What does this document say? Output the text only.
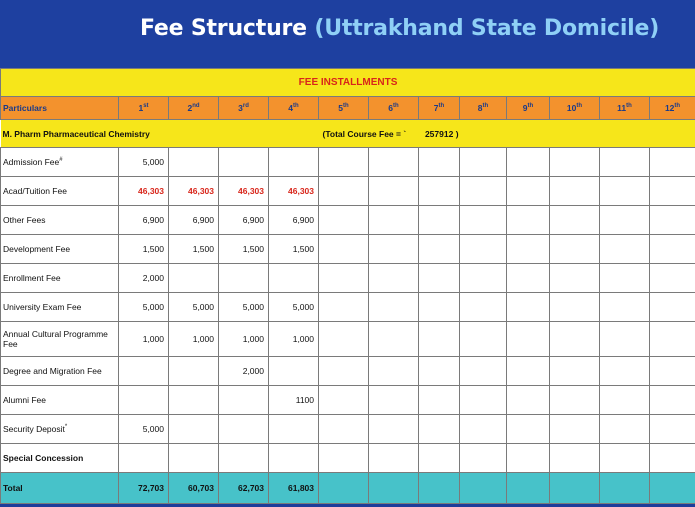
Fee Structure (Uttrakhand State Domicile)
FEE INSTALLMENTS												
Particulars	1st	2nd	3rd	4th	5th	6th	7th	8th	9th	10th	11th	12th
M. Pharm Pharmaceutical Chemistry					(Total Course Fee = ` 257912 )							
Admission Fee#	5,000											
Acad/Tuition Fee	46,303	46,303	46,303	46,303								
Other Fees	6,900	6,900	6,900	6,900								
Development Fee	1,500	1,500	1,500	1,500								
Enrollment Fee	2,000											
University Exam Fee	5,000	5,000	5,000	5,000								
Annual Cultural Programme Fee	1,000	1,000	1,000	1,000								
Degree and Migration Fee			2,000									
Alumni Fee				1100								
Security Deposit*	5,000											
Special Concession												
Total	72,703	60,703	62,703	61,803								
